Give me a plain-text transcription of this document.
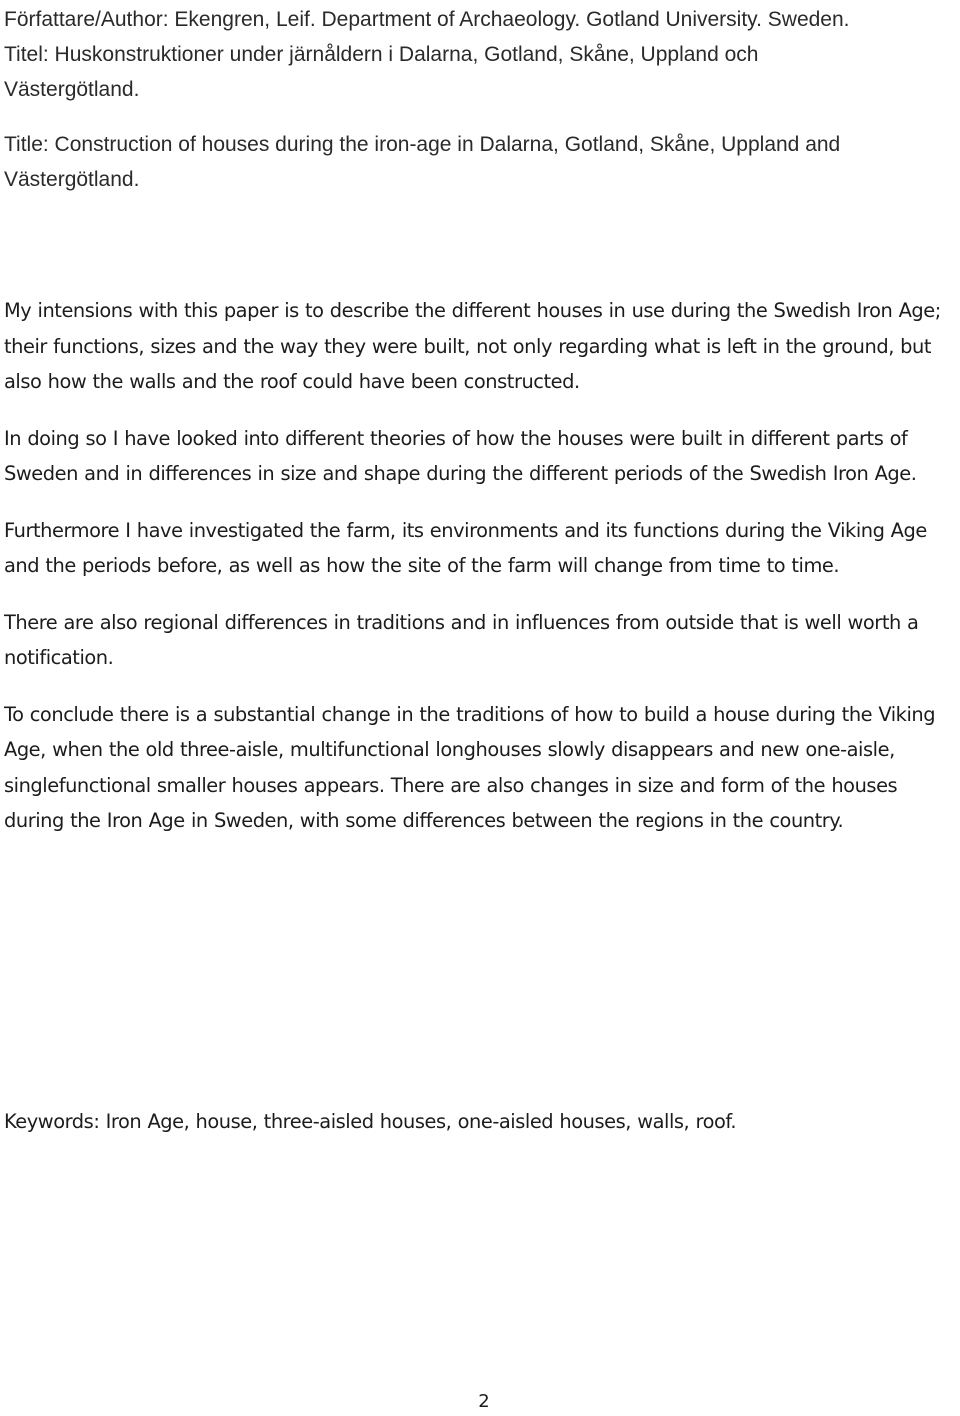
Författare/Author: Ekengren, Leif. Department of Archaeology. Gotland University. Sweden.

Titel: Huskonstruktioner under järnåldern i Dalarna, Gotland, Skåne, Uppland och

Västergötland.

Title: Construction of houses during the iron-age in Dalarna, Gotland, Skåne, Uppland and

Västergötland.

My intensions with this paper is to describe the different houses in use during the Swedish Iron Age; their functions, sizes and the way they were built, not only regarding what is left in the ground, but also how the walls and the roof could have been constructed.

In doing so I have looked into different theories of how the houses were built in different parts of Sweden and in differences in size and shape during the different periods of the Swedish Iron Age.

Furthermore I have investigated the farm, its environments and its functions during the Viking Age and the periods before, as well as how the site of the farm will change from time to time.

There are also regional differences in traditions and in influences from outside that is well worth a notification.

To conclude there is a substantial change in the traditions of how to build a house during the Viking Age, when the old three-aisle, multifunctional longhouses slowly disappears and new one-aisle, singlefunctional smaller houses appears. There are also changes in size and form of the houses during the Iron Age in Sweden, with some differences between the regions in the country.

Keywords: Iron Age, house, three-aisled houses, one-aisled houses, walls, roof.

2
